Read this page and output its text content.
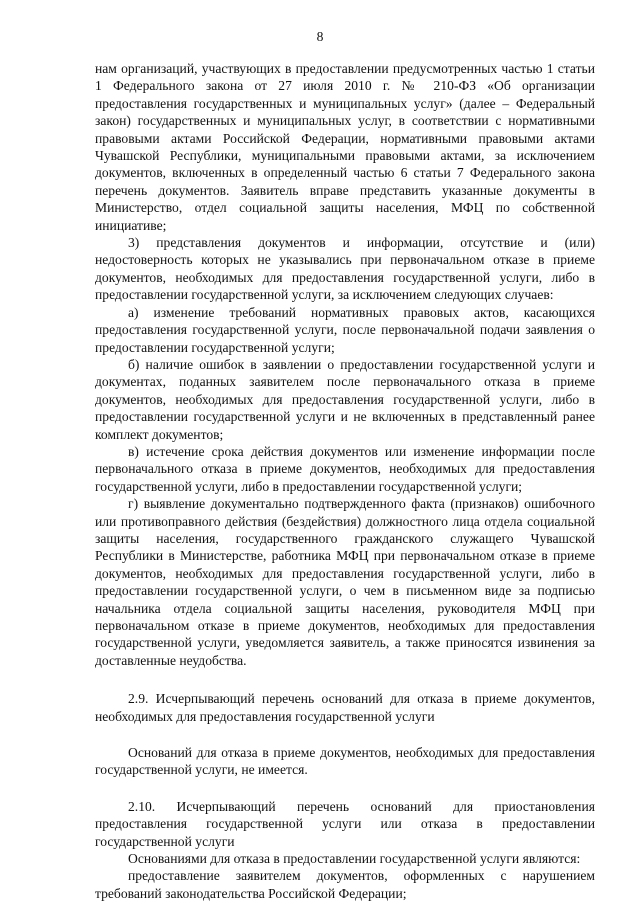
8

нам организаций, участвующих в предоставлении предусмотренных частью 1 статьи 1 Федерального закона от 27 июля 2010 г. № 210-ФЗ «Об организации предоставления государственных и муниципальных услуг» (далее – Федеральный закон) государственных и муниципальных услуг, в соответствии с нормативными правовыми актами Российской Федерации, нормативными правовыми актами Чувашской Республики, муниципальными правовыми актами, за исключением документов, включенных в определенный частью 6 статьи 7 Федерального закона перечень документов. Заявитель вправе представить указанные документы в Министерство, отдел социальной защиты населения, МФЦ по собственной инициативе;

3) представления документов и информации, отсутствие и (или) недостоверность которых не указывались при первоначальном отказе в приеме документов, необходимых для предоставления государственной услуги, либо в предоставлении государственной услуги, за исключением следующих случаев:

а) изменение требований нормативных правовых актов, касающихся предоставления государственной услуги, после первоначальной подачи заявления о предоставлении государственной услуги;

б) наличие ошибок в заявлении о предоставлении государственной услуги и документах, поданных заявителем после первоначального отказа в приеме документов, необходимых для предоставления государственной услуги, либо в предоставлении государственной услуги и не включенных в представленный ранее комплект документов;

в) истечение срока действия документов или изменение информации после первоначального отказа в приеме документов, необходимых для предоставления государственной услуги, либо в предоставлении государственной услуги;

г) выявление документально подтвержденного факта (признаков) ошибочного или противоправного действия (бездействия) должностного лица отдела социальной защиты населения, государственного гражданского служащего Чувашской Республики в Министерстве, работника МФЦ при первоначальном отказе в приеме документов, необходимых для предоставления государственной услуги, либо в предоставлении государственной услуги, о чем в письменном виде за подписью начальника отдела социальной защиты населения, руководителя МФЦ при первоначальном отказе в приеме документов, необходимых для предоставления государственной услуги, уведомляется заявитель, а также приносятся извинения за доставленные неудобства.

2.9. Исчерпывающий перечень оснований для отказа в приеме документов, необходимых для предоставления государственной услуги

Оснований для отказа в приеме документов, необходимых для предоставления государственной услуги, не имеется.

2.10. Исчерпывающий перечень оснований для приостановления предоставления государственной услуги или отказа в предоставлении государственной услуги

Основаниями для отказа в предоставлении государственной услуги являются:

предоставление заявителем документов, оформленных с нарушением требований законодательства Российской Федерации;
